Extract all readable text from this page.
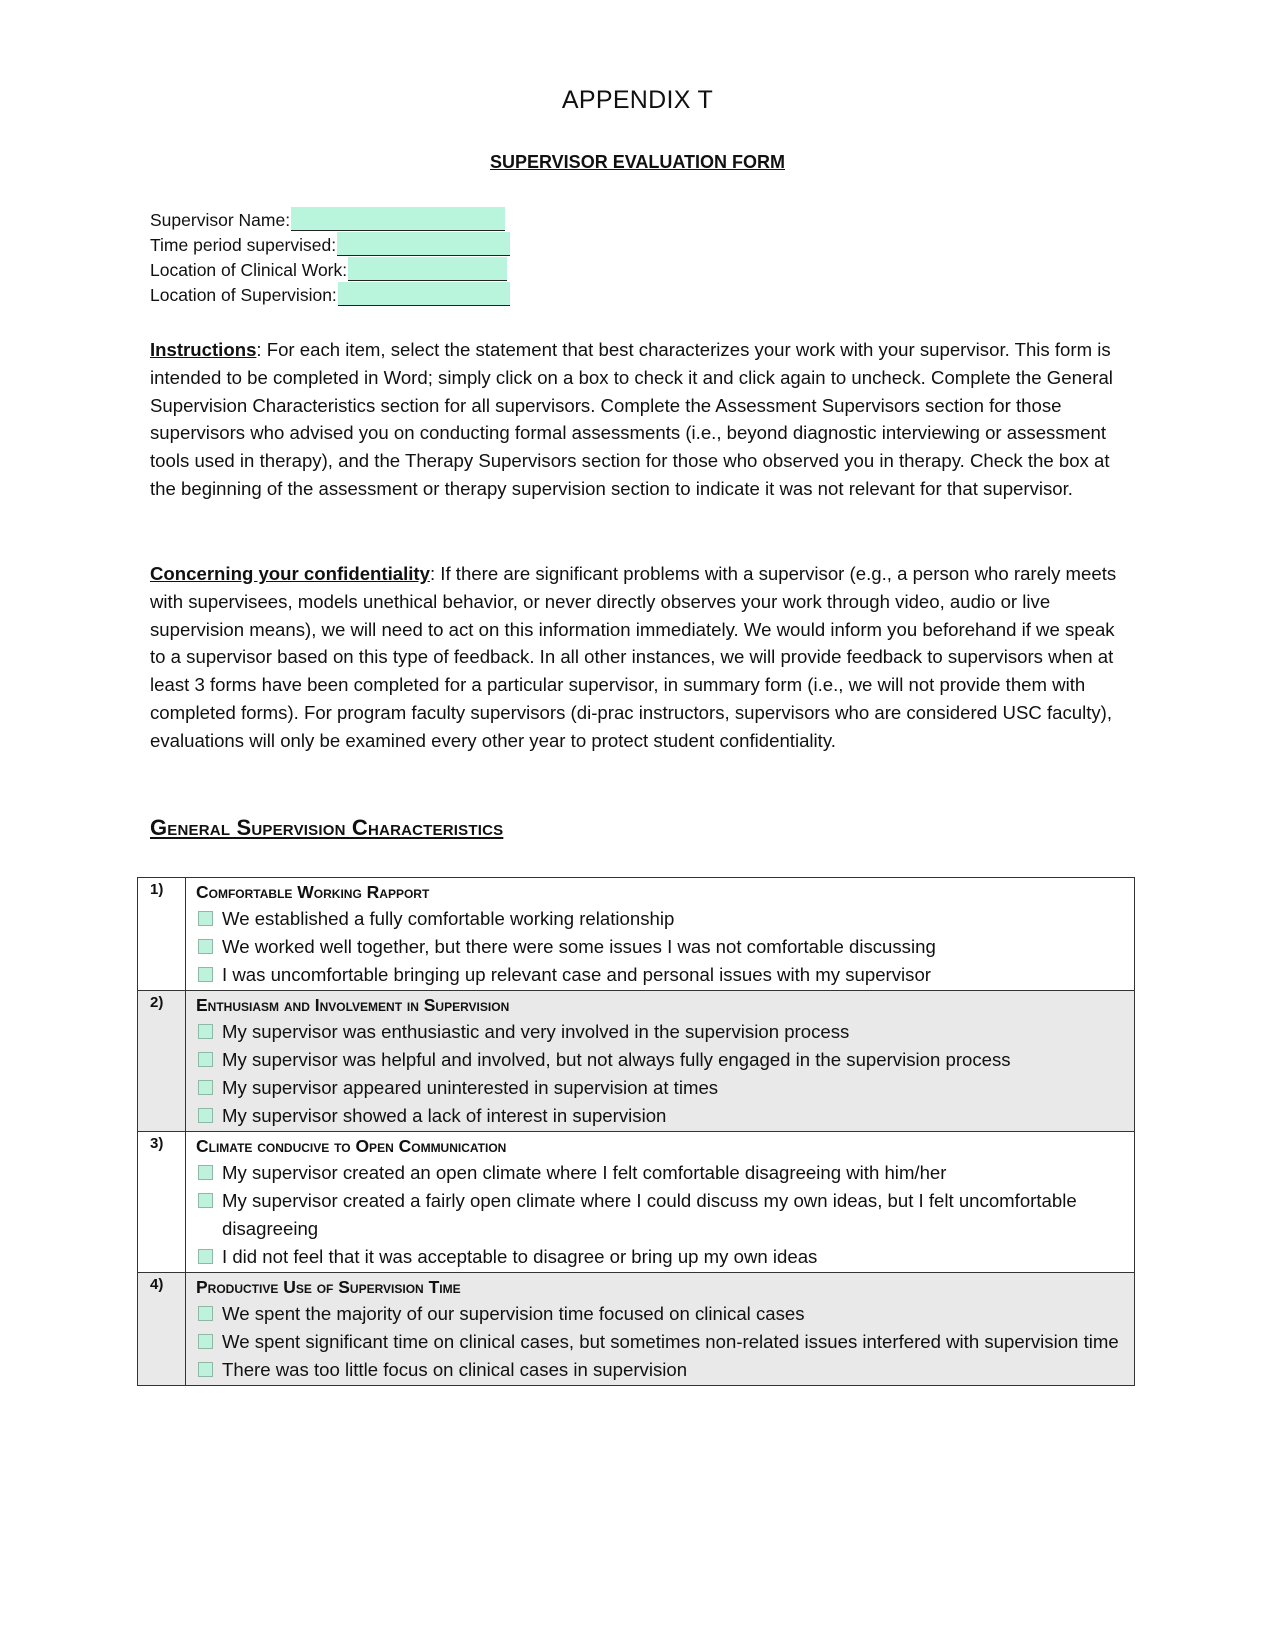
APPENDIX T
SUPERVISOR EVALUATION FORM
Supervisor Name:
Time period supervised:
Location of Clinical Work:
Location of Supervision:
Instructions: For each item, select the statement that best characterizes your work with your supervisor. This form is intended to be completed in Word; simply click on a box to check it and click again to uncheck. Complete the General Supervision Characteristics section for all supervisors. Complete the Assessment Supervisors section for those supervisors who advised you on conducting formal assessments (i.e., beyond diagnostic interviewing or assessment tools used in therapy), and the Therapy Supervisors section for those who observed you in therapy. Check the box at the beginning of the assessment or therapy supervision section to indicate it was not relevant for that supervisor.
Concerning your confidentiality: If there are significant problems with a supervisor (e.g., a person who rarely meets with supervisees, models unethical behavior, or never directly observes your work through video, audio or live supervision means), we will need to act on this information immediately. We would inform you beforehand if we speak to a supervisor based on this type of feedback. In all other instances, we will provide feedback to supervisors when at least 3 forms have been completed for a particular supervisor, in summary form (i.e., we will not provide them with completed forms). For program faculty supervisors (di-prac instructors, supervisors who are considered USC faculty), evaluations will only be examined every other year to protect student confidentiality.
General Supervision Characteristics
1)	Comfortable Working Rapport
We established a fully comfortable working relationship
We worked well together, but there were some issues I was not comfortable discussing
I was uncomfortable bringing up relevant case and personal issues with my supervisor

2)	Enthusiasm and Involvement in Supervision
My supervisor was enthusiastic and very involved in the supervision process
My supervisor was helpful and involved, but not always fully engaged in the supervision process
My supervisor appeared uninterested in supervision at times
My supervisor showed a lack of interest in supervision

3)	Climate conducive to Open Communication
My supervisor created an open climate where I felt comfortable disagreeing with him/her
My supervisor created a fairly open climate where I could discuss my own ideas, but I felt uncomfortable disagreeing
I did not feel that it was acceptable to disagree or bring up my own ideas

4)	Productive Use of Supervision Time
We spent the majority of our supervision time focused on clinical cases
We spent significant time on clinical cases, but sometimes non-related issues interfered with supervision time
There was too little focus on clinical cases in supervision
